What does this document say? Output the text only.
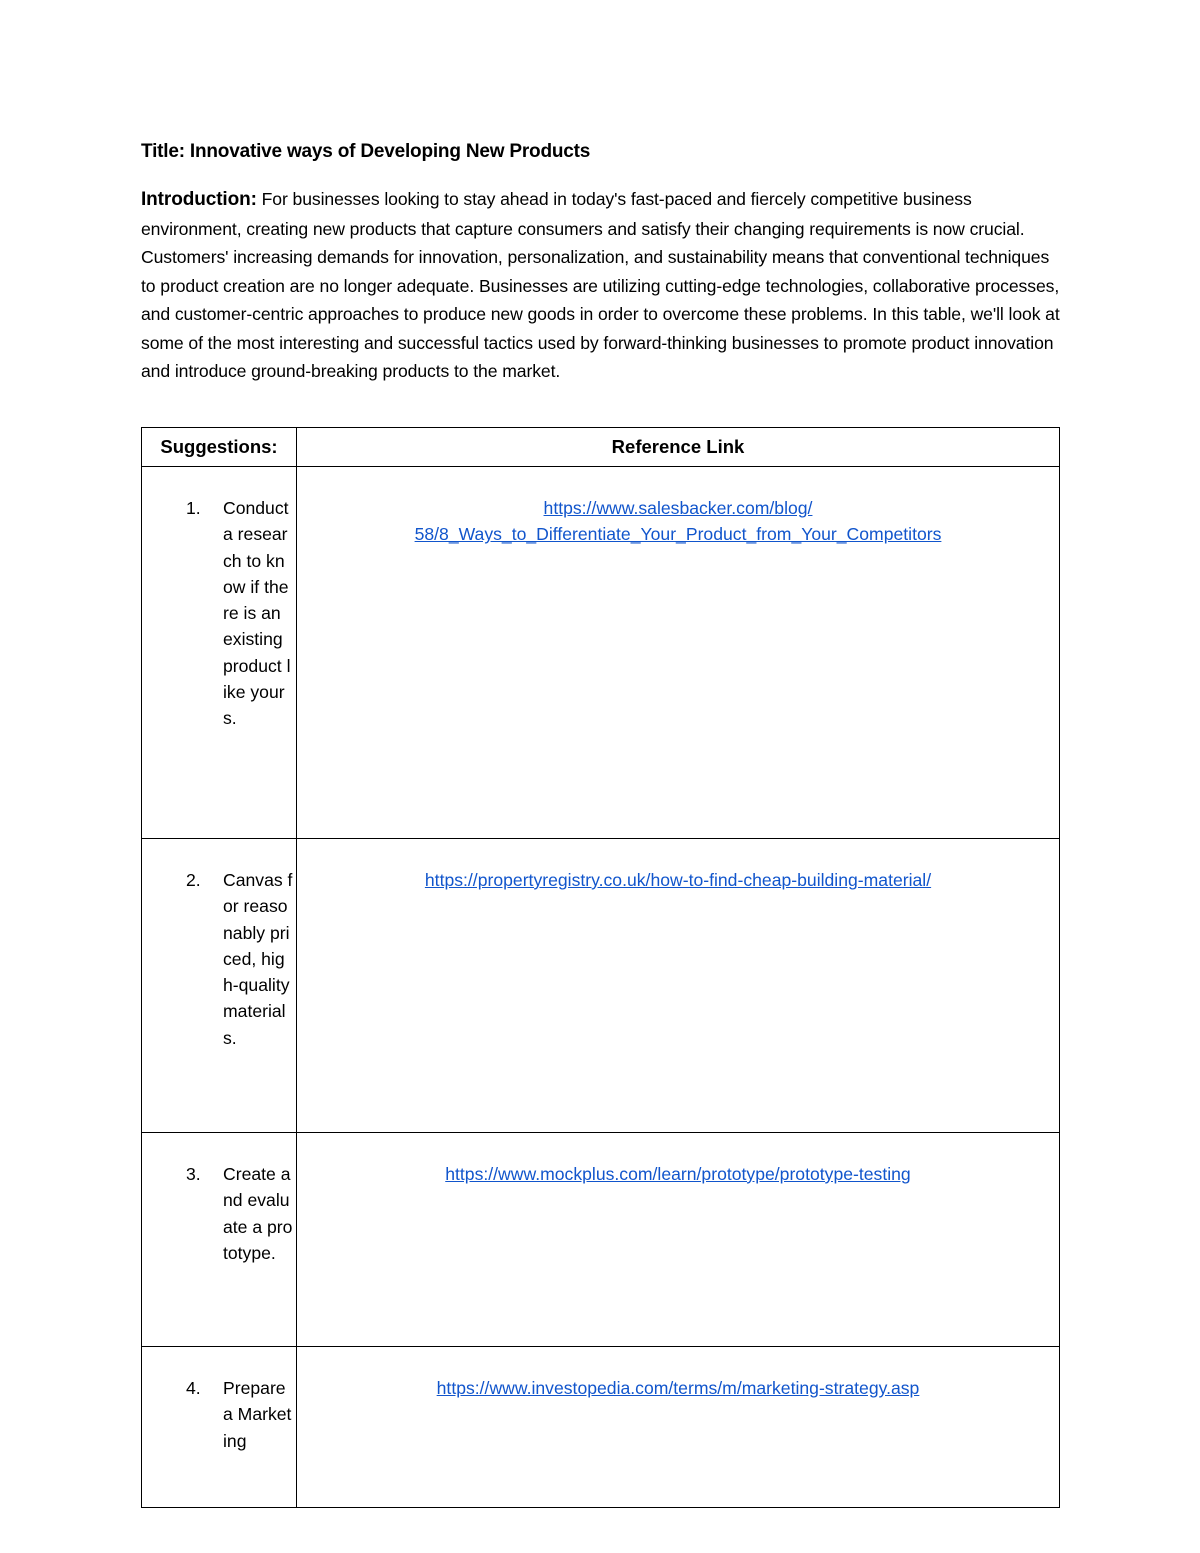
Title: Innovative ways of Developing New Products
Introduction: For businesses looking to stay ahead in today's fast-paced and fiercely competitive business environment, creating new products that capture consumers and satisfy their changing requirements is now crucial. Customers' increasing demands for innovation, personalization, and sustainability means that conventional techniques to product creation are no longer adequate. Businesses are utilizing cutting-edge technologies, collaborative processes, and customer-centric approaches to produce new goods in order to overcome these problems. In this table, we'll look at some of the most interesting and successful tactics used by forward-thinking businesses to promote product innovation and introduce ground-breaking products to the market.
Suggestions:	Reference Link

1. Conduct a research to know if there is an existing product like yours.	https://www.salesbacker.com/blog/
58/8_Ways_to_Differentiate_Your_Product_from_Your_Competitors

2. Canvas for reasonably priced, high-quality materials.	https://propertyregistry.co.uk/how-to-find-cheap-building-material/

3. Create and evaluate a prototype.	https://www.mockplus.com/learn/prototype/prototype-testing

4. Prepare a Marketing	https://www.investopedia.com/terms/m/marketing-strategy.asp
